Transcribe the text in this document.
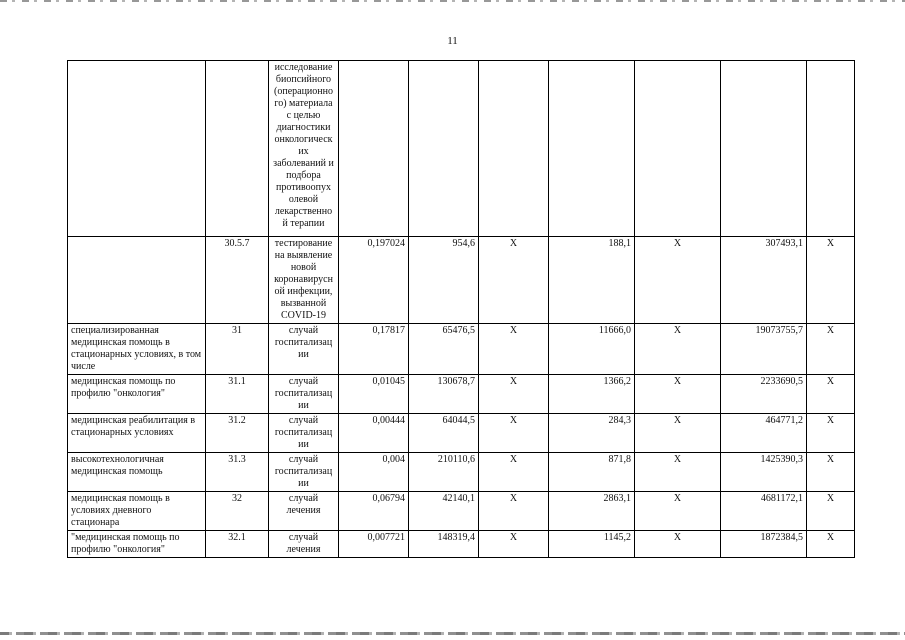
11
		исследование биопсийного (операционно го) материала с целью диагностики онкологическ их заболеваний и подбора противоопух олевой лекарственно й терапии							
	30.5.7	тестирование на выявление новой коронавирусн ой инфекции, вызванной COVID-19	0,197024	954,6	X	188,1	X	307493,1	X
специализированная медицинская помощь в стационарных условиях, в том числе	31	случай госпитализац ии	0,17817	65476,5	X	11666,0	X	19073755,7	X
медицинская помощь по профилю "онкология"	31.1	случай госпитализац ии	0,01045	130678,7	X	1366,2	X	2233690,5	X
медицинская реабилитация в стационарных условиях	31.2	случай госпитализац ии	0,00444	64044,5	X	284,3	X	464771,2	X
высокотехнологичная медицинская помощь	31.3	случай госпитализац ии	0,004	210110,6	X	871,8	X	1425390,3	X
медицинская помощь в условиях дневного стационара	32	случай лечения	0,06794	42140,1	X	2863,1	X	4681172,1	X
"медицинская помощь по профилю "онкология"	32.1	случай лечения	0,007721	148319,4	X	1145,2	X	1872384,5	X
